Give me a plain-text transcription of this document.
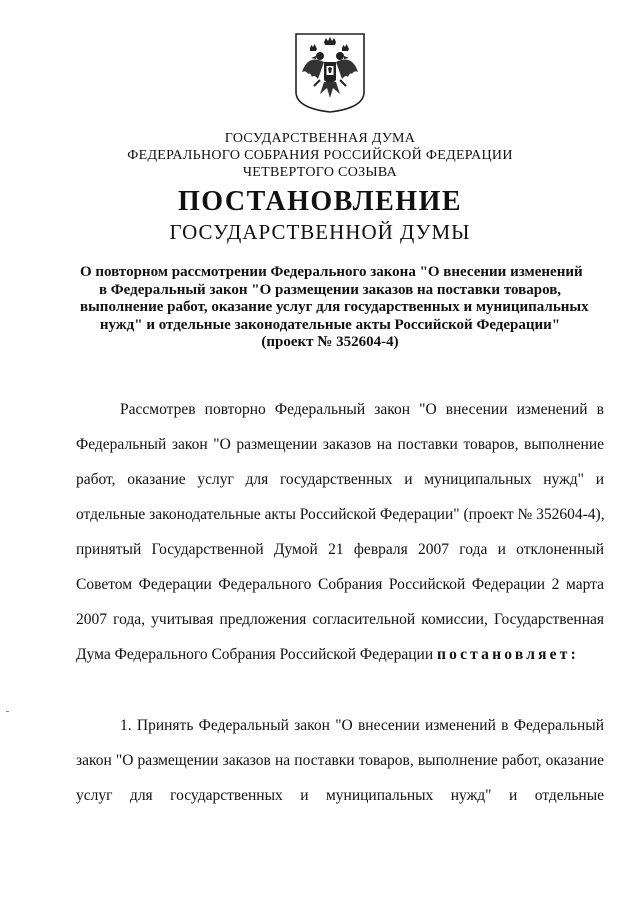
ГОСУДАРСТВЕННАЯ ДУМА
ФЕДЕРАЛЬНОГО СОБРАНИЯ РОССИЙСКОЙ ФЕДЕРАЦИИ
ЧЕТВЕРТОГО СОЗЫВА
ПОСТАНОВЛЕНИЕ
ГОСУДАРСТВЕННОЙ ДУМЫ
О повторном рассмотрении Федерального закона "О внесении изменений
в Федеральный закон "О размещении заказов на поставки товаров,
выполнение работ, оказание услуг для государственных и муниципальных
нужд" и отдельные законодательные акты Российской Федерации"
(проект № 352604-4)
Рассмотрев повторно Федеральный закон "О внесении изменений в
Федеральный закон "О размещении заказов на поставки товаров, выполнение
работ, оказание услуг для государственных и муниципальных нужд" и
отдельные законодательные акты Российской Федерации" (проект № 352604-4),
принятый Государственной Думой 21 февраля 2007 года и отклоненный
Советом Федерации Федерального Собрания Российской Федерации 2 марта
2007 года, учитывая предложения согласительной комиссии, Государственная
Дума Федерального Собрания Российской Федерации постановляет:
1. Принять Федеральный закон "О внесении изменений в Федеральный
закон "О размещении заказов на поставки товаров, выполнение работ, оказание
услуг для государственных и муниципальных нужд" и отдельные
